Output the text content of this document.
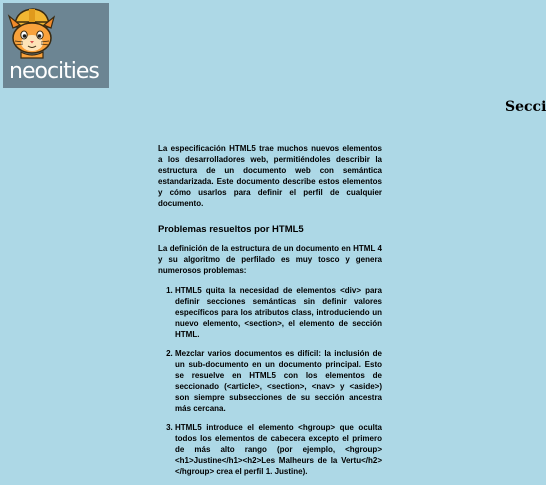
neocities
Secci

La especificación HTML5 trae muchos nuevos elementos a los desarrolladores web, permitiéndoles describir la estructura de un documento web con semántica estandarizada. Este documento describe estos elementos y cómo usarlos para definir el perfil de cualquier documento.

Problemas resueltos por HTML5

La definición de la estructura de un documento en HTML 4 y su algoritmo de perfilado es muy tosco y genera numerosos problemas:

1. HTML5 quita la necesidad de elementos <div> para definir secciones semánticas sin definir valores específicos para los atributos class, introduciendo un nuevo elemento, <section>, el elemento de sección HTML.
2. Mezclar varios documentos es difícil: la inclusión de un sub-documento en un documento principal. Esto se resuelve en HTML5 con los elementos de seccionado (<article>, <section>, <nav> y <aside>) son siempre subsecciones de su sección ancestra más cercana.
3. HTML5 introduce el elemento <hgroup> que oculta todos los elementos de cabecera excepto el primero de más alto rango (por ejemplo, <hgroup><h1>Justine</h1><h2>Les Malheurs de la Vertu</h2></hgroup> crea el perfil 1. Justine).
